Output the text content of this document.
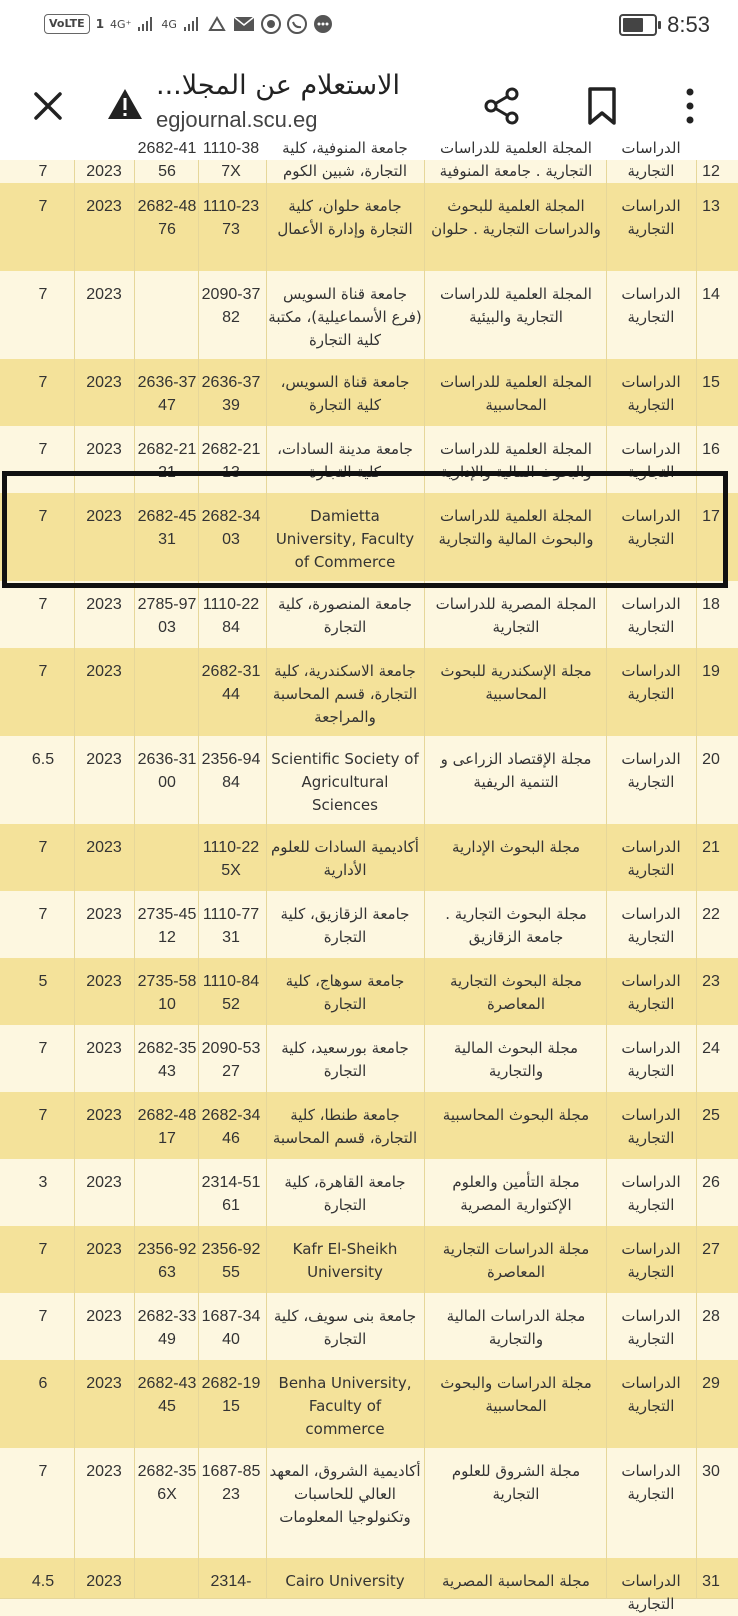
VoLTE 1 4G⁺	4G	8:53
الاستعلام عن المجلا...
egjournal.scu.eg
12
الدراسات التجارية
المجلة العلمية للدراسات التجارية . جامعة المنوفية
جامعة المنوفية، كلية التجارة، شبين الكوم
1110-387X
2682-4156
2023
7
13
الدراسات التجارية
المجلة العلمية للبحوث والدراسات التجارية . حلوان
جامعة حلوان، كلية التجارة وإدارة الأعمال
1110-2373
2682-4876
2023
7
14
الدراسات التجارية
المجلة العلمية للدراسات التجارية والبيئية
جامعة قناة السويس (فرع الأسماعيلية)، مكتبة كلية التجارة
2090-3782
2023
7
15
الدراسات التجارية
المجلة العلمية للدراسات المحاسبية
جامعة قناة السويس، كلية التجارة
2636-3739
2636-3747
2023
7
16
الدراسات التجارية
المجلة العلمية للدراسات والبحوث المالية والإدارية
جامعة مدينة السادات، كلية التجارة
2682-2113
2682-2121
2023
7
17
الدراسات التجارية
المجلة العلمية للدراسات والبحوث المالية والتجارية
Damietta University, Faculty of Commerce
2682-3403
2682-4531
2023
7
18
الدراسات التجارية
المجلة المصرية للدراسات التجارية
جامعة المنصورة، كلية التجارة
1110-2284
2785-9703
2023
7
19
الدراسات التجارية
مجلة الإسكندرية للبحوث المحاسبية
جامعة الاسكندرية، كلية التجارة، قسم المحاسبة والمراجعة
2682-3144
2023
7
20
الدراسات التجارية
مجلة الإقتصاد الزراعى و التنمية الريفية
Scientific Society of Agricultural Sciences
2356-9484
2636-3100
2023
6.5
21
الدراسات التجارية
مجلة البحوث الإدارية
أكاديمية السادات للعلوم الأدارية
1110-225X
2023
7
22
الدراسات التجارية
مجلة البحوث التجارية . جامعة الزقازيق
جامعة الزقازيق، كلية التجارة
1110-7731
2735-4512
2023
7
23
الدراسات التجارية
مجلة البحوث التجارية المعاصرة
جامعة سوهاج، كلية التجارة
1110-8452
2735-5810
2023
5
24
الدراسات التجارية
مجلة البحوث المالية والتجارية
جامعة بورسعيد، كلية التجارة
2090-5327
2682-3543
2023
7
25
الدراسات التجارية
مجلة البحوث المحاسبية
جامعة طنطا، كلية التجارة، قسم المحاسبة
2682-3446
2682-4817
2023
7
26
الدراسات التجارية
مجلة التأمين والعلوم الإكتوارية المصرية
جامعة القاهرة، كلية التجارة
2314-5161
2023
3
27
الدراسات التجارية
مجلة الدراسات التجارية المعاصرة
Kafr El-Sheikh University
2356-9255
2356-9263
2023
7
28
الدراسات التجارية
مجلة الدراسات المالية والتجارية
جامعة بنى سويف، كلية التجارة
1687-3440
2682-3349
2023
7
29
الدراسات التجارية
مجلة الدراسات والبحوث المحاسبية
Benha University, Faculty of commerce
2682-1915
2682-4345
2023
6
30
الدراسات التجارية
مجلة الشروق للعلوم التجارية
أكاديمية الشروق، المعهد العالي للحاسبات وتكنولوجيا المعلومات
1687-8523
2682-356X
2023
7
31
الدراسات التجارية
مجلة المحاسبة المصرية
Cairo University
2314-
2023
4.5
